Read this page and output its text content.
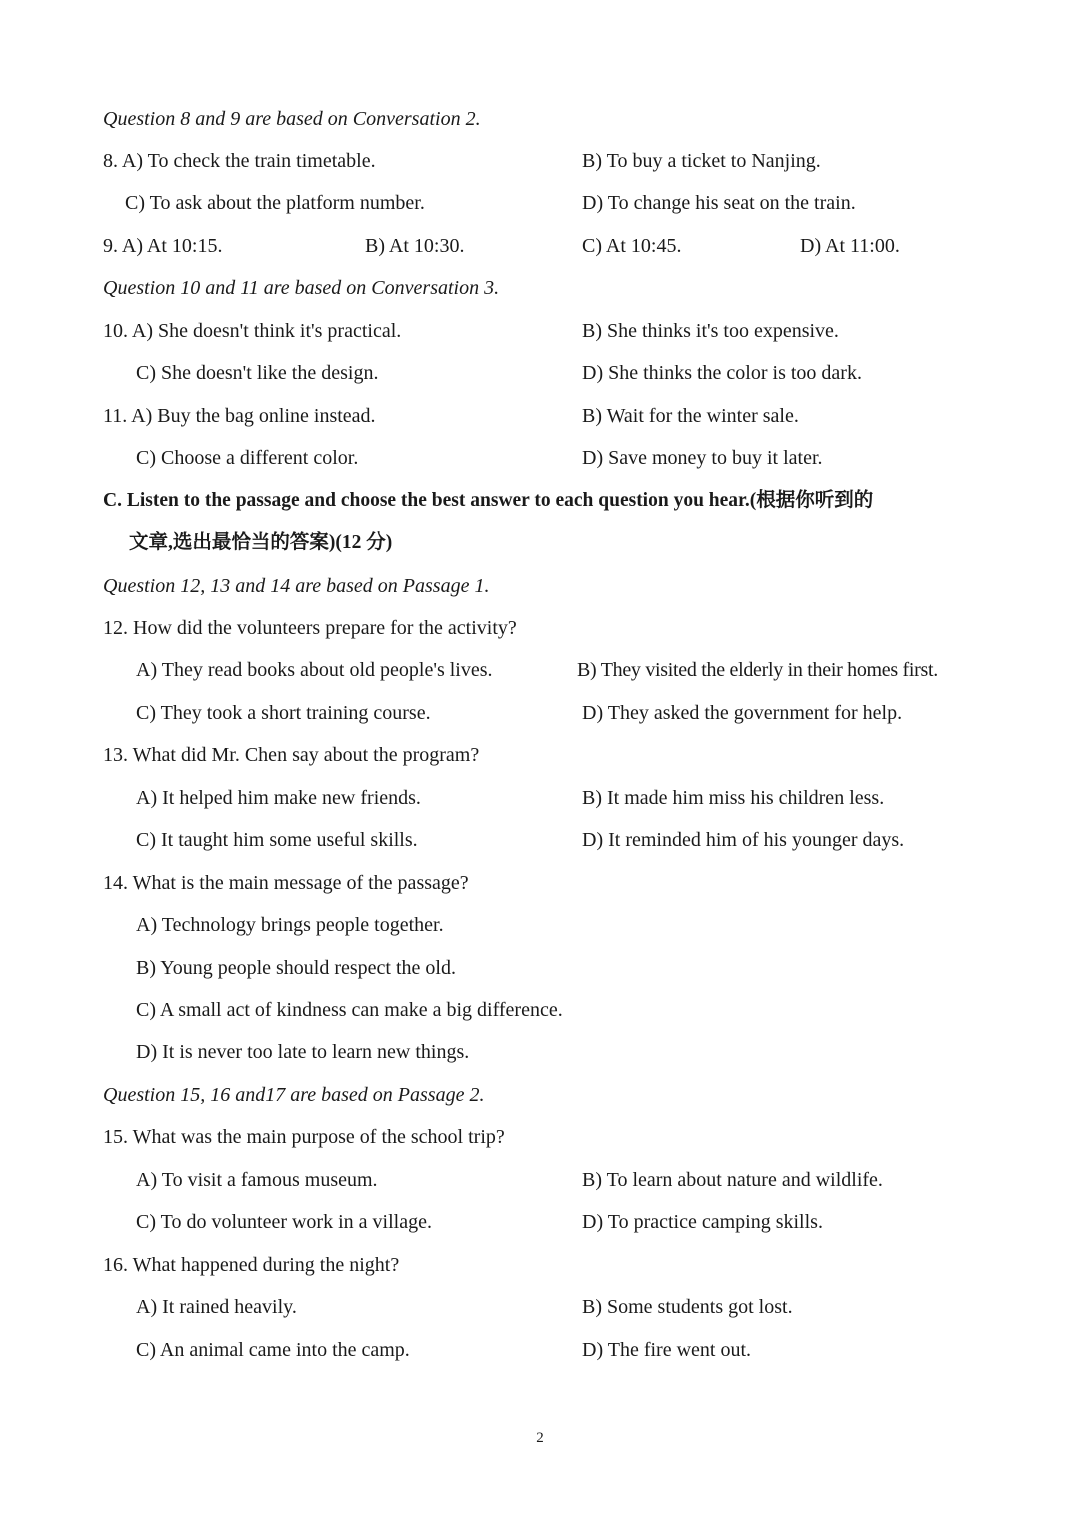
Question 8 and 9 are based on Conversation 2.
8. A) To check the train timetable.	B) To buy a ticket to Nanjing.
C) To ask about the platform number.	D) To change his seat on the train.
9. A) At 10:15.	B) At 10:30.	C) At 10:45.	D) At 11:00.
Question 10 and 11 are based on Conversation 3.
10. A) She doesn't think it's practical.	B) She thinks it's too expensive.
C) She doesn't like the design.	D) She thinks the color is too dark.
11. A) Buy the bag online instead.	B) Wait for the winter sale.
C) Choose a different color.	D) Save money to buy it later.
C. Listen to the passage and choose the best answer to each question you hear.(根据你听到的
文章,选出最恰当的答案)(12 分)
Question 12, 13 and 14 are based on Passage 1.
12. How did the volunteers prepare for the activity?
A) They read books about old people's lives.	B) They visited the elderly in their homes first.
C) They took a short training course.	D) They asked the government for help.
13. What did Mr. Chen say about the program?
A) It helped him make new friends.	B) It made him miss his children less.
C) It taught him some useful skills.	D) It reminded him of his younger days.
14. What is the main message of the passage?
A) Technology brings people together.
B) Young people should respect the old.
C) A small act of kindness can make a big difference.
D) It is never too late to learn new things.
Question 15, 16 and17 are based on Passage 2.
15. What was the main purpose of the school trip?
A) To visit a famous museum.	B) To learn about nature and wildlife.
C) To do volunteer work in a village.	D) To practice camping skills.
16. What happened during the night?
A) It rained heavily.	B) Some students got lost.
C) An animal came into the camp.	D) The fire went out.
2
